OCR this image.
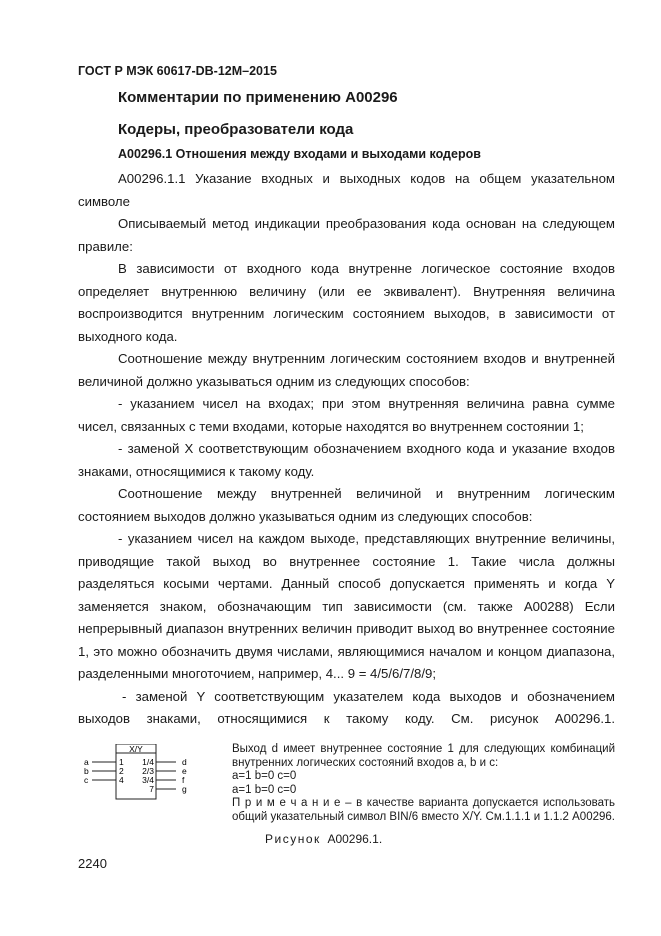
ГОСТ Р МЭК 60617-DB-12M–2015
Комментарии по применению А00296
Кодеры, преобразователи кода
А00296.1 Отношения между входами и выходами кодеров

А00296.1.1 Указание входных и выходных кодов на общем указательном символе

Описываемый метод индикации преобразования кода основан на следующем правиле:

В зависимости от входного кода внутренне логическое состояние входов определяет внутреннюю величину (или ее эквивалент). Внутренняя величина воспроизводится внутренним логическим состоянием выходов, в зависимости от выходного кода.

Соотношение между внутренним логическим состоянием входов и внутренней величиной должно указываться одним из следующих способов:

- указанием чисел на входах; при этом внутренняя величина равна сумме чисел, связанных с теми входами, которые находятся во внутреннем состоянии 1;

- заменой X соответствующим обозначением входного кода и указание входов знаками, относящимися к такому коду.

Соотношение между внутренней величиной и внутренним логическим состоянием выходов должно указываться одним из следующих способов:

- указанием чисел на каждом выходе, представляющих внутренние величины, приводящие такой выход во внутреннее состояние 1. Такие числа должны разделяться косыми чертами. Данный способ допускается применять и когда Y заменяется знаком, обозначающим тип зависимости (см. также А00288) Если непрерывный диапазон внутренних величин приводит выход во внутреннее состояние 1, это можно обозначить двумя числами, являющимися началом и концом диапазона, разделенными многоточием, например, 4... 9 = 4/5/6/7/8/9;

- заменой Y соответствующим указателем кода выходов и обозначением выходов знаками, относящимися к такому коду. См. рисунок А00296.1.

X/Y
a
b
c
1
2
4
1/4
2/3
3/4
7
d
e
f
g

Выход d имеет внутреннее состояние 1 для следующих комбинаций внутренних логических состояний входов a, b и c:

a=1 b=0 c=0

a=1 b=0 c=0

П р и м е ч а н и е – в качестве варианта допускается использовать общий указательный символ BIN/6 вместо X/Y. См.1.1.1 и 1.1.2 А00296.

Рисунок А00296.1.
2240
